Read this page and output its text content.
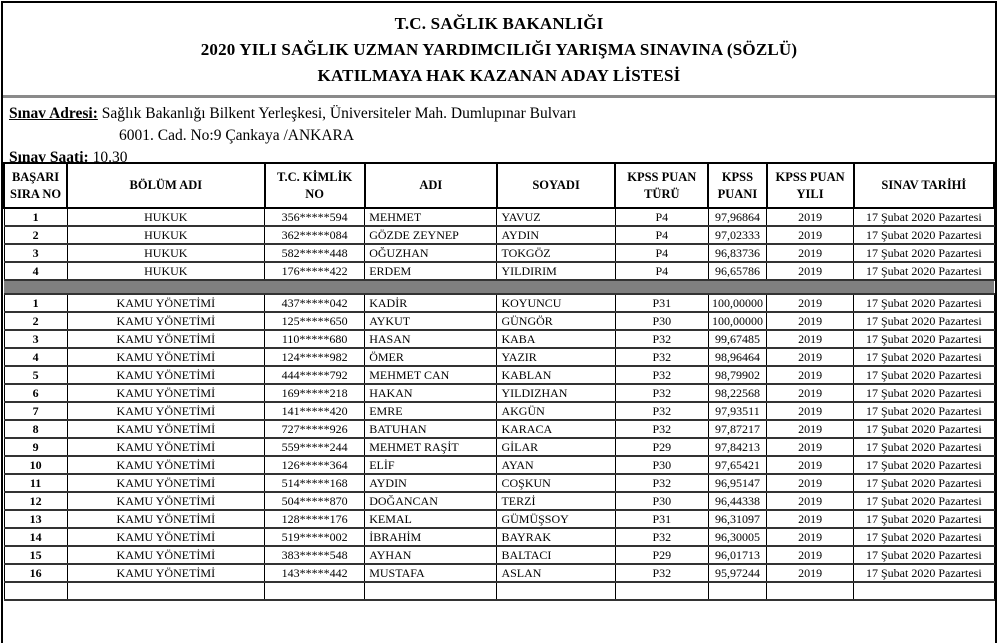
T.C. SAĞLIK BAKANLIĞI
2020 YILI SAĞLIK UZMAN YARDIMCILIĞI YARIŞMA SINAVINA (SÖZLÜ)
KATILMAYA HAK KAZANAN ADAY LİSTESİ
Sınav Adresi: Sağlık Bakanlığı Bilkent Yerleşkesi, Üniversiteler Mah. Dumlupınar Bulvarı
6001. Cad. No:9 Çankaya /ANKARA
Sınav Saati: 10.30
BAŞARI SIRA NO	BÖLÜM ADI	T.C. KİMLİK NO	ADI	SOYADI	KPSS PUAN TÜRÜ	KPSS PUANI	KPSS PUAN YILI	SINAV TARİHİ
1	HUKUK	356*****594	MEHMET	YAVUZ	P4	97,96864	2019	17 Şubat 2020 Pazartesi
2	HUKUK	362*****084	GÖZDE ZEYNEP	AYDIN	P4	97,02333	2019	17 Şubat 2020 Pazartesi
3	HUKUK	582*****448	OĞUZHAN	TOKGÖZ	P4	96,83736	2019	17 Şubat 2020 Pazartesi
4	HUKUK	176*****422	ERDEM	YILDIRIM	P4	96,65786	2019	17 Şubat 2020 Pazartesi

1	KAMU YÖNETİMİ	437*****042	KADİR	KOYUNCU	P31	100,00000	2019	17 Şubat 2020 Pazartesi
2	KAMU YÖNETİMİ	125*****650	AYKUT	GÜNGÖR	P30	100,00000	2019	17 Şubat 2020 Pazartesi
3	KAMU YÖNETİMİ	110*****680	HASAN	KABA	P32	99,67485	2019	17 Şubat 2020 Pazartesi
4	KAMU YÖNETİMİ	124*****982	ÖMER	YAZIR	P32	98,96464	2019	17 Şubat 2020 Pazartesi
5	KAMU YÖNETİMİ	444*****792	MEHMET CAN	KABLAN	P32	98,79902	2019	17 Şubat 2020 Pazartesi
6	KAMU YÖNETİMİ	169*****218	HAKAN	YILDIZHAN	P32	98,22568	2019	17 Şubat 2020 Pazartesi
7	KAMU YÖNETİMİ	141*****420	EMRE	AKGÜN	P32	97,93511	2019	17 Şubat 2020 Pazartesi
8	KAMU YÖNETİMİ	727*****926	BATUHAN	KARACA	P32	97,87217	2019	17 Şubat 2020 Pazartesi
9	KAMU YÖNETİMİ	559*****244	MEHMET RAŞİT	GİLAR	P29	97,84213	2019	17 Şubat 2020 Pazartesi
10	KAMU YÖNETİMİ	126*****364	ELİF	AYAN	P30	97,65421	2019	17 Şubat 2020 Pazartesi
11	KAMU YÖNETİMİ	514*****168	AYDIN	COŞKUN	P32	96,95147	2019	17 Şubat 2020 Pazartesi
12	KAMU YÖNETİMİ	504*****870	DOĞANCAN	TERZİ	P30	96,44338	2019	17 Şubat 2020 Pazartesi
13	KAMU YÖNETİMİ	128*****176	KEMAL	GÜMÜŞSOY	P31	96,31097	2019	17 Şubat 2020 Pazartesi
14	KAMU YÖNETİMİ	519*****002	İBRAHİM	BAYRAK	P32	96,30005	2019	17 Şubat 2020 Pazartesi
15	KAMU YÖNETİMİ	383*****548	AYHAN	BALTACI	P29	96,01713	2019	17 Şubat 2020 Pazartesi
16	KAMU YÖNETİMİ	143*****442	MUSTAFA	ASLAN	P32	95,97244	2019	17 Şubat 2020 Pazartesi
